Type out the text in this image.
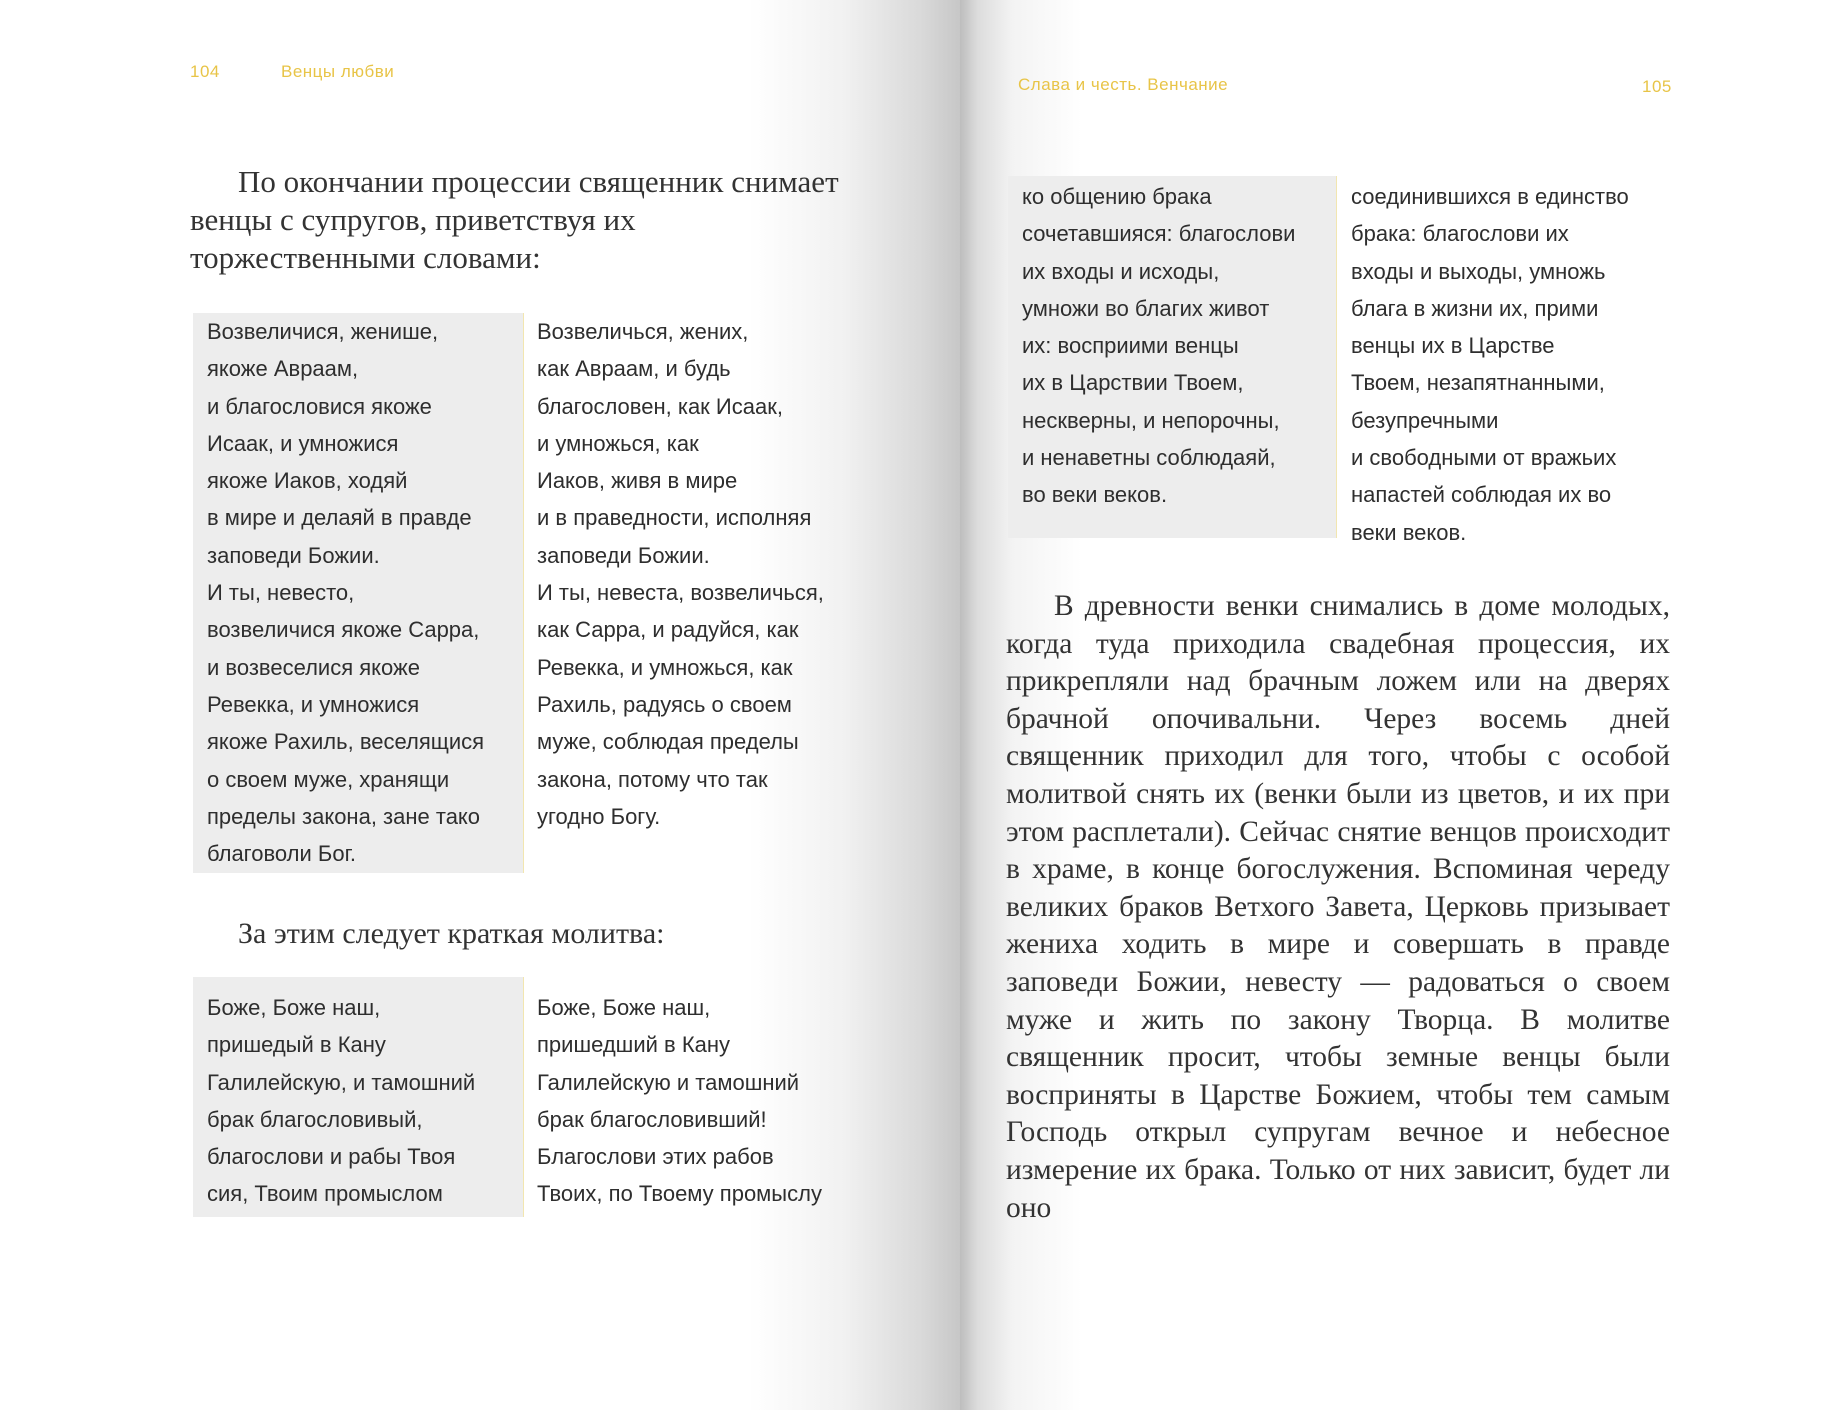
104	Венцы любви
Слава и честь. Венчание	105

По окончании процессии священник снимает венцы с супругов, приветствуя их торжественными словами:

Возвеличися, женише,
якоже Авраам,
и благословися якоже
Исаак, и умножися
якоже Иаков, ходяй
в мире и делаяй в правде
заповеди Божии.
И ты, невесто,
возвеличися якоже Сарра,
и возвеселися якоже
Ревекка, и умножися
якоже Рахиль, веселящися
о своем муже, хранящи
пределы закона, зане тако
благоволи Бог.
Возвеличься, жених,
как Авраам, и будь
благословен, как Исаак,
и умножься, как
Иаков, живя в мире
и в праведности, исполняя
заповеди Божии.
И ты, невеста, возвеличься,
как Сарра, и радуйся, как
Ревекка, и умножься, как
Рахиль, радуясь о своем
муже, соблюдая пределы
закона, потому что так
угодно Богу.

За этим следует краткая молитва:

Боже, Боже наш,
пришедый в Кану
Галилейскую, и тамошний
брак благословивый,
благослови и рабы Твоя
сия, Твоим промыслом
Боже, Боже наш,
пришедший в Кану
Галилейскую и тамошний
брак благословивший!
Благослови этих рабов
Твоих, по Твоему промыслу
ко общению брака
сочетавшияся: благослови
их входы и исходы,
умножи во благих живот
их: восприими венцы
их в Царствии Твоем,
нескверны, и непорочны,
и ненаветны соблюдаяй,
во веки веков.
соединившихся в единство
брака: благослови их
входы и выходы, умножь
блага в жизни их, прими
венцы их в Царстве
Твоем, незапятнанными,
безупречными
и свободными от вражьих
напастей соблюдая их во
веки веков.

В древности венки снимались в доме молодых, когда туда приходила свадебная процессия, их прикрепляли над брачным ложем или на дверях брачной опочивальни. Через восемь дней священник приходил для того, чтобы с особой молитвой снять их (венки были из цветов, и их при этом расплетали). Сейчас снятие венцов происходит в храме, в конце богослужения. Вспоминая череду великих браков Ветхого Завета, Церковь призывает жениха ходить в мире и совершать в правде заповеди Божии, невесту — радоваться о своем муже и жить по закону Творца. В молитве священник просит, чтобы земные венцы были восприняты в Царстве Божием, чтобы тем самым Господь открыл супругам вечное и небесное измерение их брака. Только от них зависит, будет ли оно
